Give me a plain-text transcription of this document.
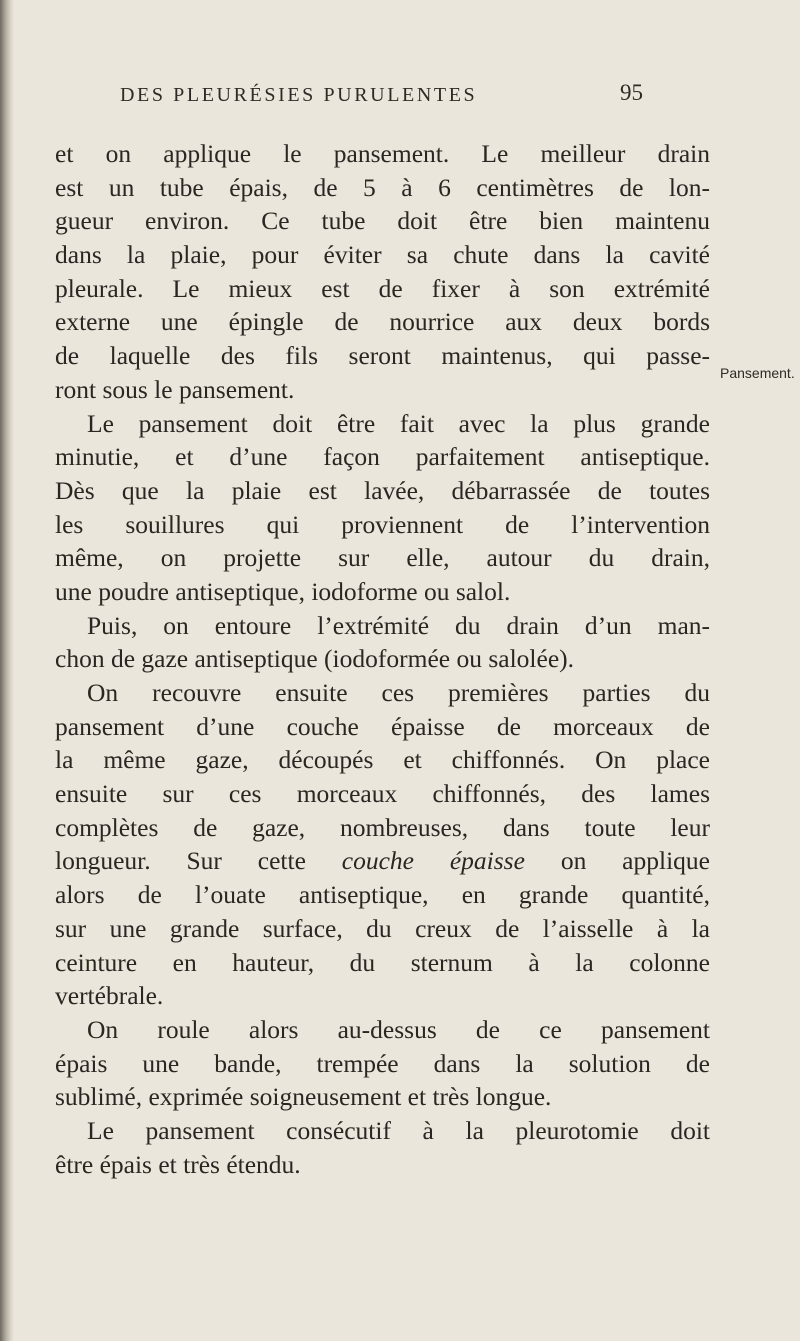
DES PLEURÉSIES PURULENTES	95
Pansement.
et on applique le pansement. Le meilleur drain
est un tube épais, de 5 à 6 centimètres de lon-
gueur environ. Ce tube doit être bien maintenu
dans la plaie, pour éviter sa chute dans la cavité
pleurale. Le mieux est de fixer à son extrémité
externe une épingle de nourrice aux deux bords
de laquelle des fils seront maintenus, qui passe-
ront sous le pansement.
Le pansement doit être fait avec la plus grande
minutie, et d’une façon parfaitement antiseptique.
Dès que la plaie est lavée, débarrassée de toutes
les souillures qui proviennent de l’intervention
même, on projette sur elle, autour du drain,
une poudre antiseptique, iodoforme ou salol.
Puis, on entoure l’extrémité du drain d’un man-
chon de gaze antiseptique (iodoformée ou salolée).
On recouvre ensuite ces premières parties du
pansement d’une couche épaisse de morceaux de
la même gaze, découpés et chiffonnés. On place
ensuite sur ces morceaux chiffonnés, des lames
complètes de gaze, nombreuses, dans toute leur
longueur. Sur cette couche épaisse on applique
alors de l’ouate antiseptique, en grande quantité,
sur une grande surface, du creux de l’aisselle à la
ceinture en hauteur, du sternum à la colonne
vertébrale.
On roule alors au-dessus de ce pansement
épais une bande, trempée dans la solution de
sublimé, exprimée soigneusement et très longue.
Le pansement consécutif à la pleurotomie doit
être épais et très étendu.
